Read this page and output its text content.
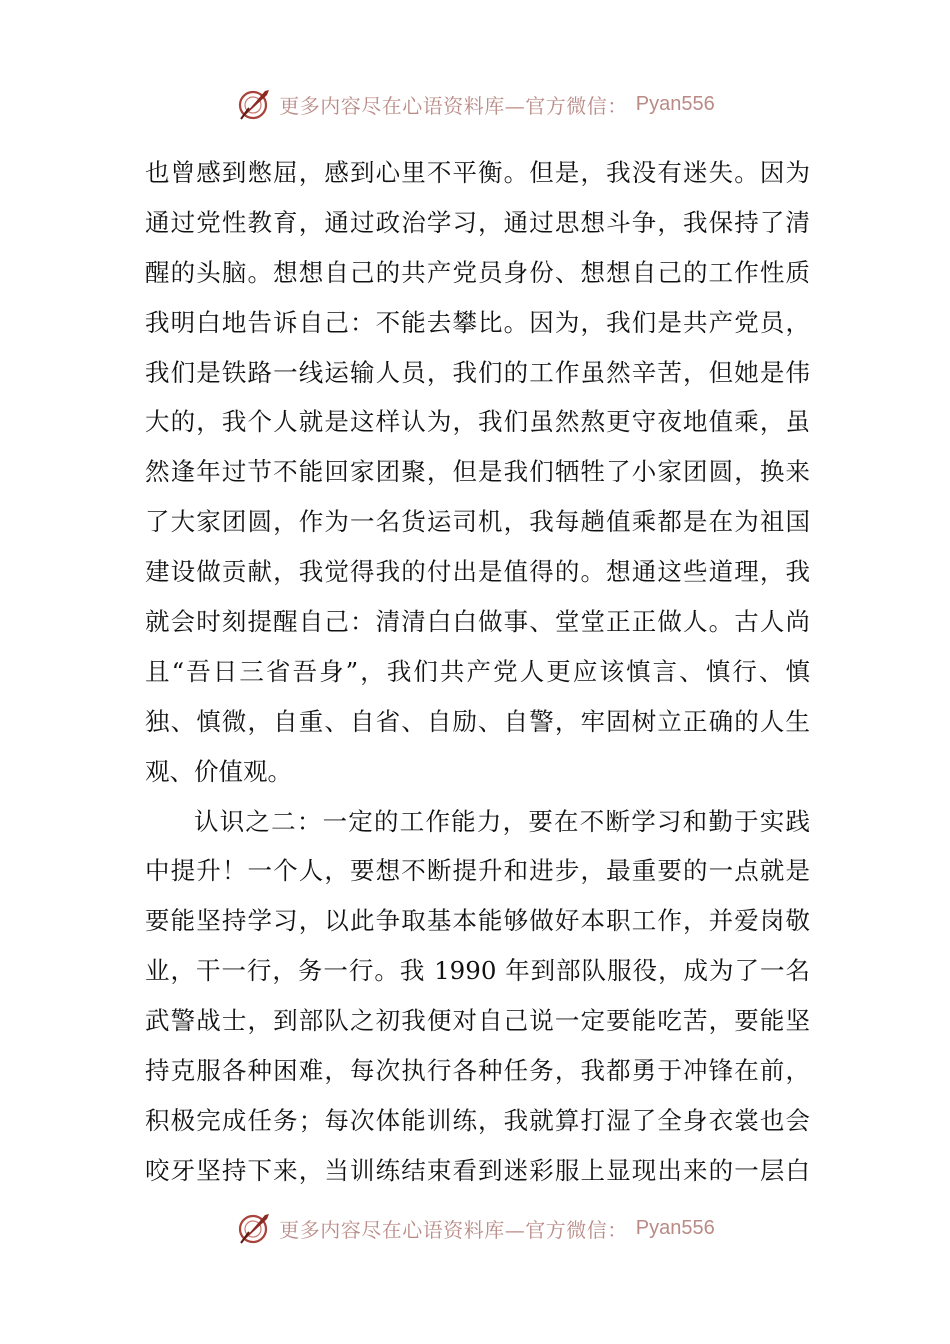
更多内容尽在心语资料库—官方微信： Pyan556
也曾感到憋屈，感到心里不平衡。但是，我没有迷失。因为
通过党性教育，通过政治学习，通过思想斗争，我保持了清
醒的头脑。想想自己的共产党员身份、想想自己的工作性质
我明白地告诉自己：不能去攀比。因为，我们是共产党员，
我们是铁路一线运输人员，我们的工作虽然辛苦，但她是伟
大的，我个人就是这样认为，我们虽然熬更守夜地值乘，虽
然逢年过节不能回家团聚，但是我们牺牲了小家团圆，换来
了大家团圆，作为一名货运司机，我每趟值乘都是在为祖国
建设做贡献，我觉得我的付出是值得的。想通这些道理，我
就会时刻提醒自己：清清白白做事、堂堂正正做人。古人尚
且“吾日三省吾身”，我们共产党人更应该慎言、慎行、慎
独、慎微，自重、自省、自励、自警，牢固树立正确的人生
观、价值观。
认识之二：一定的工作能力，要在不断学习和勤于实践
中提升！一个人，要想不断提升和进步，最重要的一点就是
要能坚持学习，以此争取基本能够做好本职工作，并爱岗敬
业，干一行，务一行。我 1990 年到部队服役，成为了一名
武警战士，到部队之初我便对自己说一定要能吃苦，要能坚
持克服各种困难，每次执行各种任务，我都勇于冲锋在前，
积极完成任务；每次体能训练，我就算打湿了全身衣裳也会
咬牙坚持下来，当训练结束看到迷彩服上显现出来的一层白
更多内容尽在心语资料库—官方微信： Pyan556
